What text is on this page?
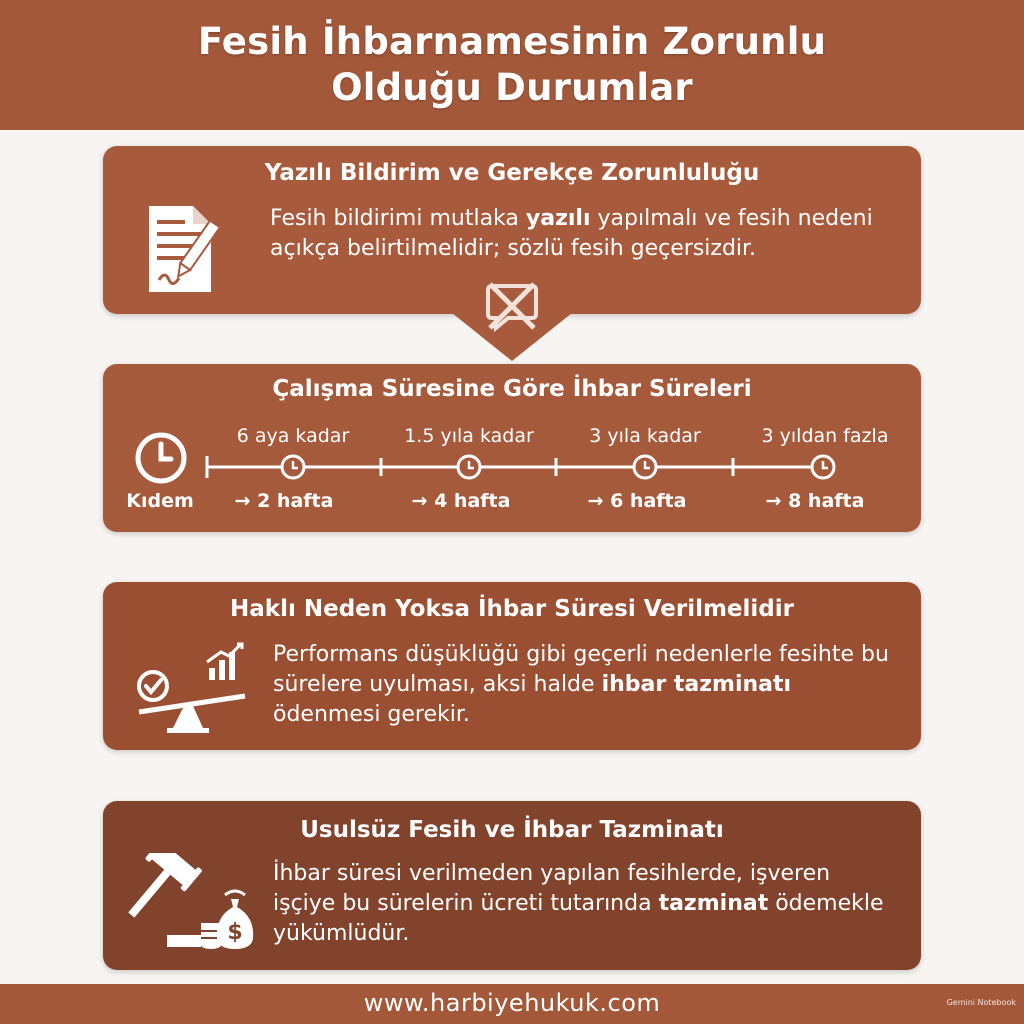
Fesih İhbarnamesinin Zorunlu
Olduğu Durumlar
Yazılı Bildirim ve Gerekçe Zorunluluğu
Fesih bildirimi mutlaka yazılı yapılmalı ve fesih nedeni açıkça belirtilmelidir; sözlü fesih geçersizdir.
Çalışma Süresine Göre İhbar Süreleri
Kıdem
6 aya kadar	1.5 yıla kadar	3 yıla kadar	3 yıldan fazla
→ 2 hafta	→ 4 hafta	→ 6 hafta	→ 8 hafta
Haklı Neden Yoksa İhbar Süresi Verilmelidir
Performans düşüklüğü gibi geçerli nedenlerle fesihte bu sürelere uyulması, aksi halde ihbar tazminatı ödenmesi gerekir.
Usulsüz Fesih ve İhbar Tazminatı
$
İhbar süresi verilmeden yapılan fesihlerde, işveren işçiye bu sürelerin ücreti tutarında tazminat ödemekle yükümlüdür.
www.harbiyehukuk.com	Gemini Notebook
